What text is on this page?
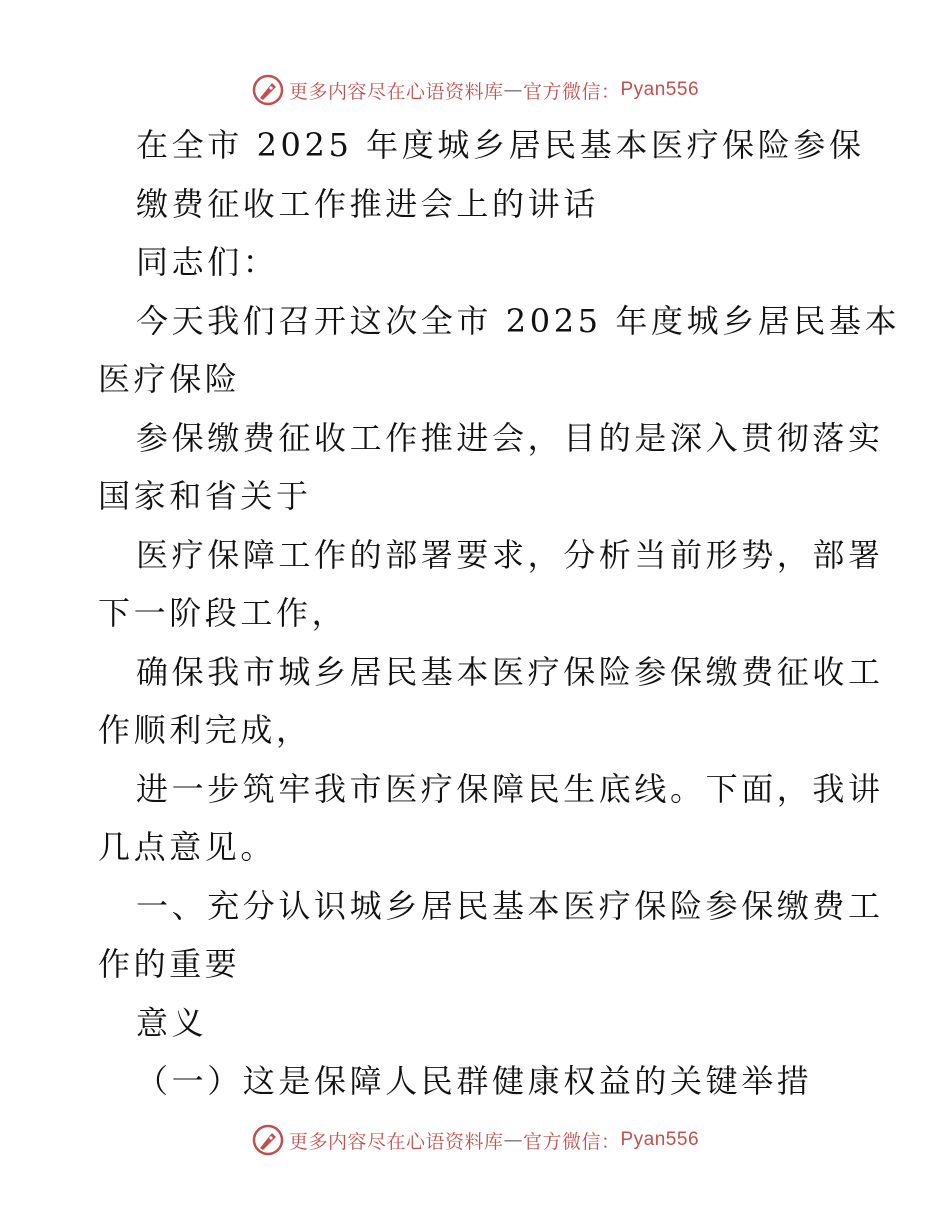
更多内容尽在心语资料库 — 官方微信： Pyan556
在全市 2025 年度城乡居民基本医疗保险参保
缴费征收工作推进会上的讲话
同志们：
今天我们召开这次全市 2025 年度城乡居民基本
医疗保险
参保缴费征收工作推进会，目的是深入贯彻落实
国家和省关于
医疗保障工作的部署要求，分析当前形势，部署
下一阶段工作，
确保我市城乡居民基本医疗保险参保缴费征收工
作顺利完成，
进一步筑牢我市医疗保障民生底线。下面，我讲
几点意见。
一、充分认识城乡居民基本医疗保险参保缴费工
作的重要
意义
（一）这是保障人民群健康权益的关键举措
更多内容尽在心语资料库 — 官方微信： Pyan556
